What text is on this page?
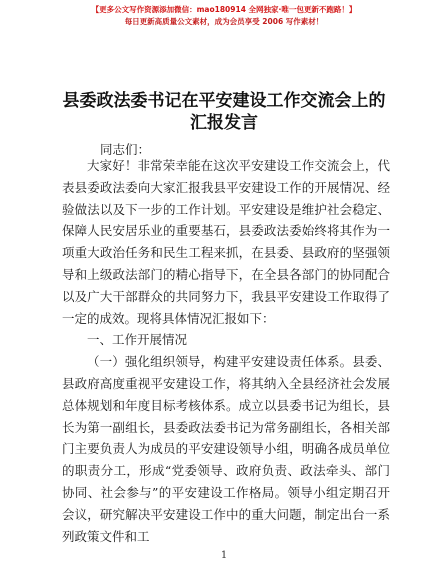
【更多公文写作资源添加微信：mao180914 全网独家·唯一包更新不跑路！】
每日更新高质量公文素材，成为会员享受 2006 写作素材！
县委政法委书记在平安建设工作交流会上的汇报发言
同志们：

大家好！非常荣幸能在这次平安建设工作交流会上，代表县委政法委向大家汇报我县平安建设工作的开展情况、经验做法以及下一步的工作计划。平安建设是维护社会稳定、保障人民安居乐业的重要基石，县委政法委始终将其作为一项重大政治任务和民生工程来抓，在县委、县政府的坚强领导和上级政法部门的精心指导下，在全县各部门的协同配合以及广大干部群众的共同努力下，我县平安建设工作取得了一定的成效。现将具体情况汇报如下：

一、工作开展情况

（一）强化组织领导，构建平安建设责任体系。县委、县政府高度重视平安建设工作，将其纳入全县经济社会发展总体规划和年度目标考核体系。成立以县委书记为组长，县长为第一副组长，县委政法委书记为常务副组长，各相关部门主要负责人为成员的平安建设领导小组，明确各成员单位的职责分工，形成“党委领导、政府负责、政法牵头、部门协同、社会参与”的平安建设工作格局。领导小组定期召开会议，研究解决平安建设工作中的重大问题，制定出台一系列政策文件和工

1
